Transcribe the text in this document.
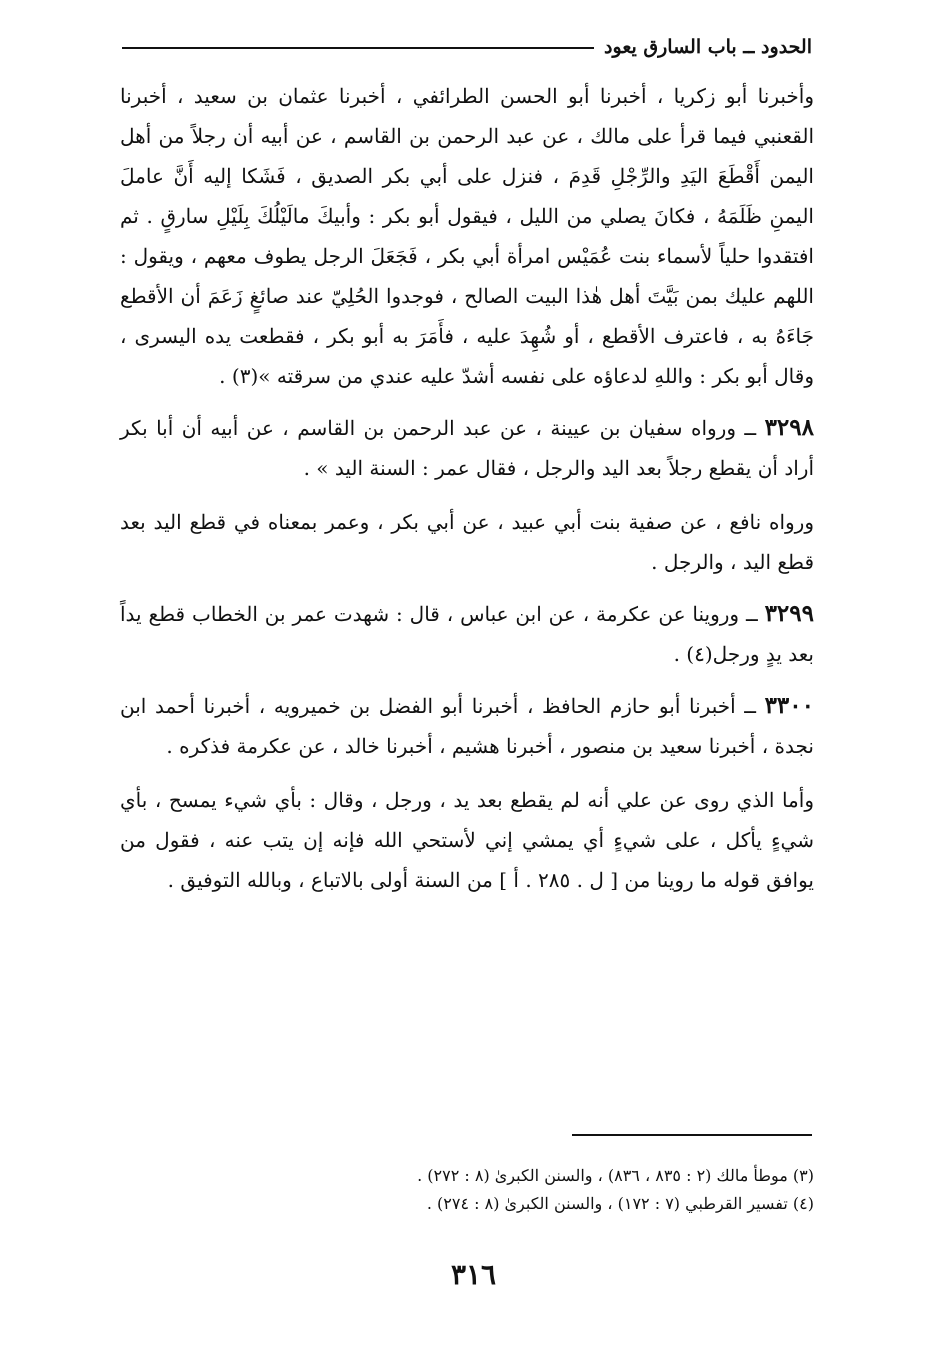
الحدود ــ باب السارق يعود

وأخبرنا أبو زكريا ، أخبرنا أبو الحسن الطرائفي ، أخبرنا عثمان بن سعيد ، أخبرنا القعنبي فيما قرأ على مالك ، عن عبد الرحمن بن القاسم ، عن أبيه أن رجلاً من أهل اليمن أَقْطَعَ اليَدِ والرِّجْلِ قَدِمَ ، فنزل على أبي بكر الصديق ، فَشَكا إليه أَنَّ عاملَ اليمنِ ظَلَمَهُ ، فكانَ يصلي من الليل ، فيقول أبو بكر : وأبيكَ مالَيْلُكَ بِلَيْلِ سارقٍ . ثم افتقدوا حلياً لأسماء بنت عُمَيْس امرأة أبي بكر ، فَجَعَلَ الرجل يطوف معهم ، ويقول : اللهم عليك بمن بَيَّتَ أهل هٰذا البيت الصالح ، فوجدوا الحُلِيّ عند صائغٍ زَعَمَ أن الأقطع جَاءَهُ به ، فاعترف الأقطع ، أو شُهِدَ عليه ، فأَمَرَ به أبو بكر ، فقطعت يده اليسرى ، وقال أبو بكر : واللهِ لدعاؤه على نفسه أشدّ عليه عندي من سرقته »(٣) .

٣٢٩٨ ــ ورواه سفيان بن عيينة ، عن عبد الرحمن بن القاسم ، عن أبيه أن أبا بكر أراد أن يقطع رجلاً بعد اليد والرجل ، فقال عمر : السنة اليد » .

ورواه نافع ، عن صفية بنت أبي عبيد ، عن أبي بكر ، وعمر بمعناه في قطع اليد بعد قطع اليد ، والرجل .

٣٢٩٩ ــ وروينا عن عكرمة ، عن ابن عباس ، قال : شهدت عمر بن الخطاب قطع يداً بعد يدٍ ورجل(٤) .

٣٣٠٠ ــ أخبرنا أبو حازم الحافظ ، أخبرنا أبو الفضل بن خميرويه ، أخبرنا أحمد ابن نجدة ، أخبرنا سعيد بن منصور ، أخبرنا هشيم ، أخبرنا خالد ، عن عكرمة فذكره .

وأما الذي روى عن علي أنه لم يقطع بعد يد ، ورجل ، وقال : بأي شيء يمسح ، بأي شيءٍ يأكل ، على شيءٍ أي يمشي إني لأستحي الله فإنه إن يتب عنه ، فقول من يوافق قوله ما روينا من [ ل . ٢٨٥ . أ ] من السنة أولى بالاتباع ، وبالله التوفيق .

(٣) موطأ مالك (٢ : ٨٣٥ ، ٨٣٦) ، والسنن الكبرىٰ (٨ : ٢٧٢) .

(٤) تفسير القرطبي (٧ : ١٧٢) ، والسنن الكبرىٰ (٨ : ٢٧٤) .

٣١٦
